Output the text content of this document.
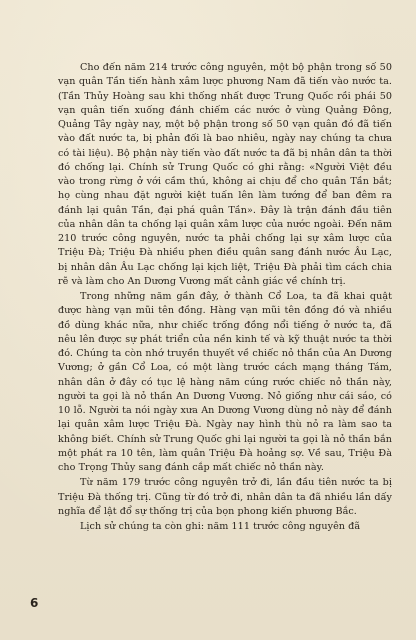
Cho đến năm 214 trước công nguyên, một bộ phận trong số 50 vạn quân Tần tiến hành xâm lược phương Nam đã tiến vào nước ta. (Tần Thủy Hoàng sau khi thống nhất được Trung Quốc rồi phái 50 vạn quân tiến xuống đánh chiếm các nước ở vùng Quảng Đông, Quảng Tây ngày nay, một bộ phận trong số 50 vạn quân đó đã tiến vào đất nước ta, bị phản đối là bao nhiêu, ngày nay chúng ta chưa có tài liệu). Bộ phận này tiến vào đất nước ta đã bị nhân dân ta thời đó chống lại. Chính sử Trung Quốc có ghi rằng: «Người Việt đều vào trong rừng ở với cầm thú, không ai chịu để cho quân Tần bắt; họ cùng nhau đặt người kiệt tuấn lên làm tướng để ban đêm ra đánh lại quân Tần, đại phá quân Tần». Đây là trận đánh đầu tiên của nhân dân ta chống lại quân xâm lược của nước ngoài. Đến năm 210 trước công nguyên, nước ta phải chống lại sự xâm lược của Triệu Đà; Triệu Đà nhiều phen điều quân sang đánh nước Âu Lạc, bị nhân dân Âu Lạc chống lại kịch liệt, Triệu Đà phải tìm cách chia rẽ và làm cho An Dương Vương mất cảnh giác về chính trị.

Trong những năm gần đây, ở thành Cổ Loa, ta đã khai quật được hàng vạn mũi tên đồng. Hàng vạn mũi tên đồng đó và nhiều đồ dùng khác nữa, như chiếc trống đồng nổi tiếng ở nước ta, đã nêu lên được sự phát triển của nền kinh tế và kỹ thuật nước ta thời đó. Chúng ta còn nhớ truyền thuyết về chiếc nỏ thần của An Dương Vương; ở gần Cổ Loa, có một làng trước cách mạng tháng Tám, nhân dân ở đây có tục lệ hàng năm cúng rước chiếc nỏ thần này, người ta gọi là nỏ thần An Dương Vương. Nỏ giống như cái sáo, có 10 lỗ. Người ta nói ngày xưa An Dương Vương dùng nỏ này để đánh lại quân xâm lược Triệu Đà. Ngày nay hình thù nỏ ra làm sao ta không biết. Chính sử Trung Quốc ghi lại người ta gọi là nỏ thần bắn một phát ra 10 tên, làm quân Triệu Đà hoảng sợ. Về sau, Triệu Đà cho Trọng Thủy sang đánh cắp mất chiếc nỏ thần này.

Từ năm 179 trước công nguyên trở đi, lần đầu tiên nước ta bị Triệu Đà thống trị. Cũng từ đó trở đi, nhân dân ta đã nhiều lần dấy nghĩa để lật đổ sự thống trị của bọn phong kiến phương Bắc.

Lịch sử chúng ta còn ghi: năm 111 trước công nguyên đã

6
